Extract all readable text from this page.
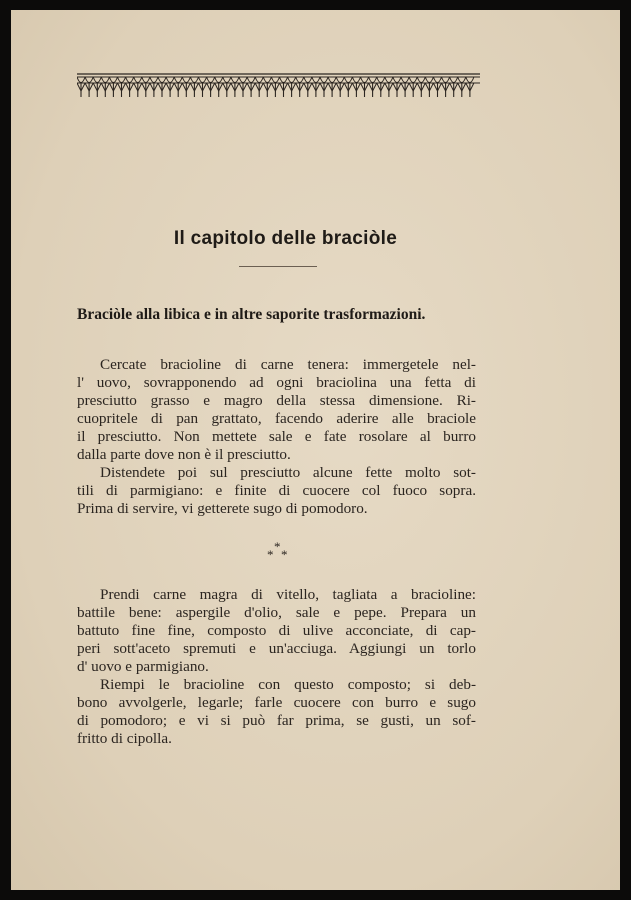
Il capitolo delle braciòle
Braciòle alla libica e in altre saporite trasformazioni.
Cercate bracioline di carne tenera: immergetele nel-
l' uovo, sovrapponendo ad ogni braciolina una fetta di
presciutto grasso e magro della stessa dimensione. Ri-
cuopritele di pan grattato, facendo aderire alle braciole
il presciutto. Non mettete sale e fate rosolare al burro
dalla parte dove non è il presciutto.
Distendete poi sul presciutto alcune fette molto sot-
tili di parmigiano: e finite di cuocere col fuoco sopra.
Prima di servire, vi getterete sugo di pomodoro.
*
* *
Prendi carne magra di vitello, tagliata a bracioline:
battile bene: aspergile d'olio, sale e pepe. Prepara un
battuto fine fine, composto di ulive acconciate, di cap-
peri sott'aceto spremuti e un'acciuga. Aggiungi un torlo
d' uovo e parmigiano.
Riempi le bracioline con questo composto; si deb-
bono avvolgerle, legarle; farle cuocere con burro e sugo
di pomodoro; e vi si può far prima, se gusti, un sof-
fritto di cipolla.
